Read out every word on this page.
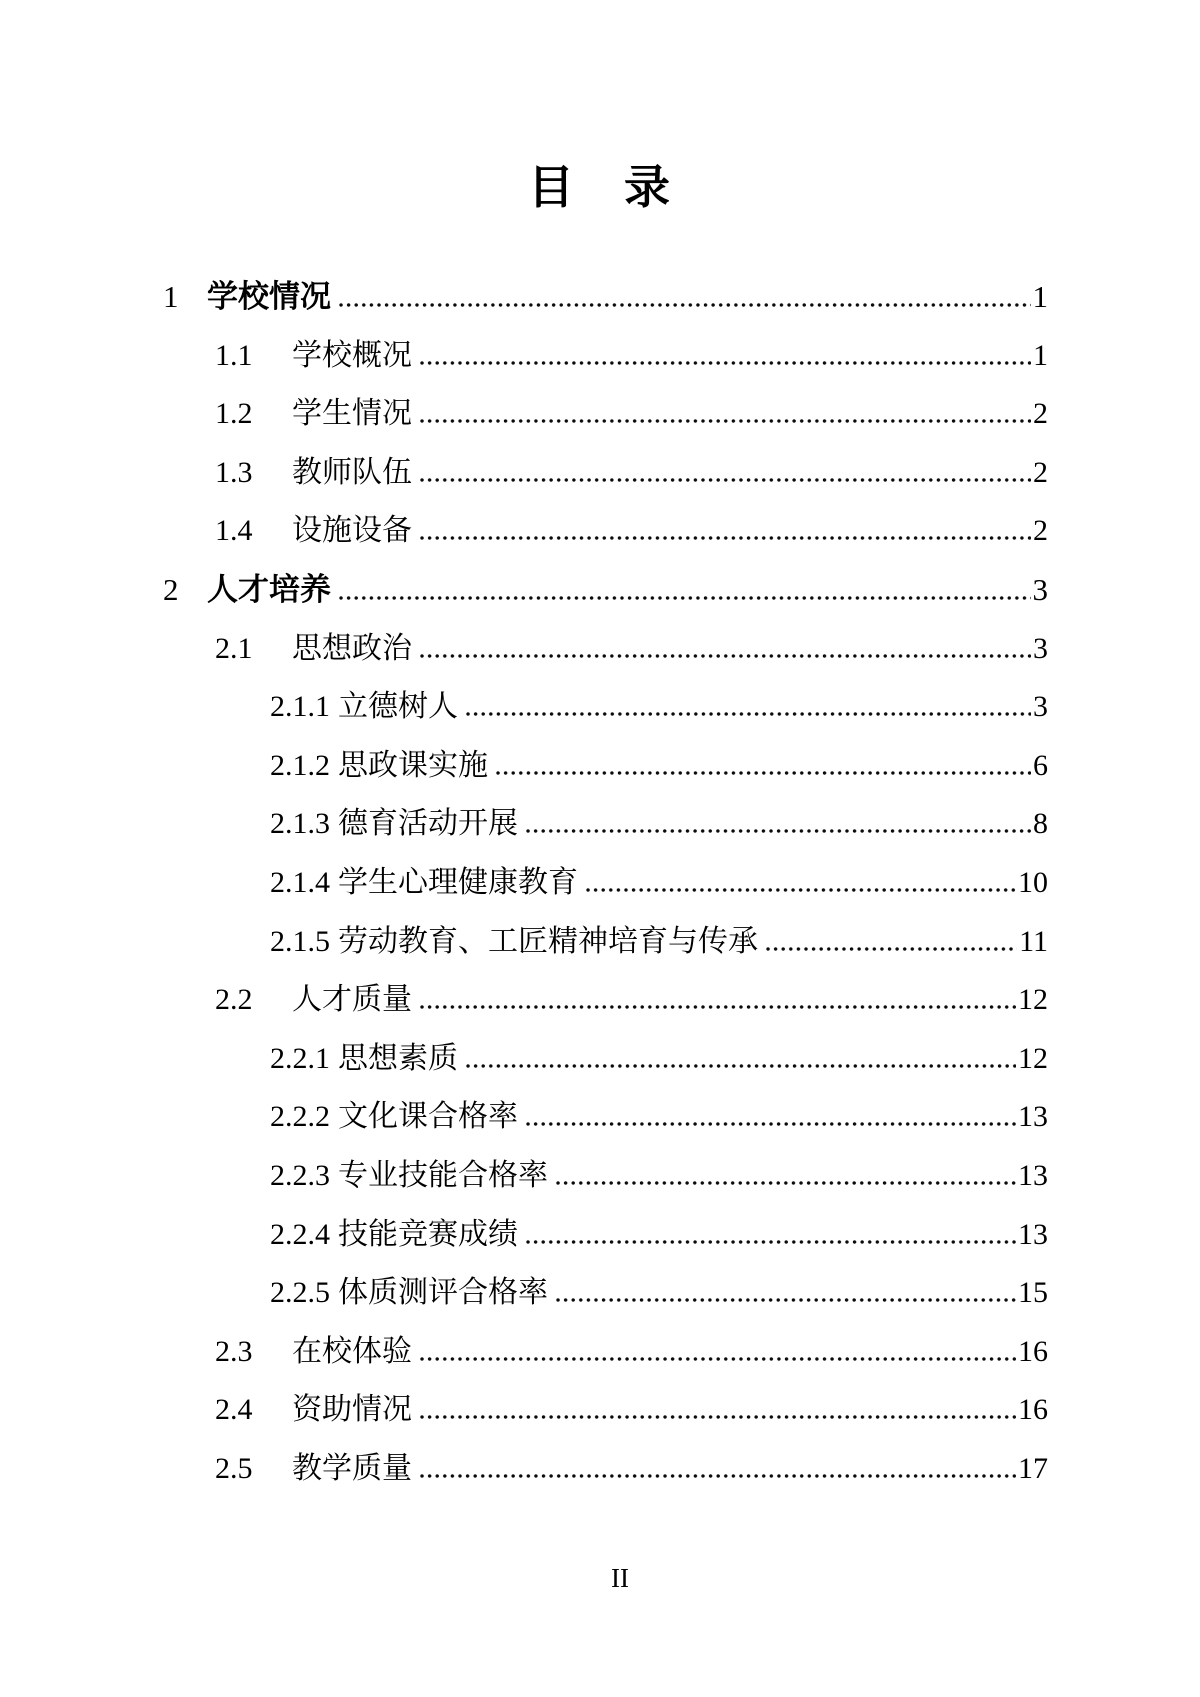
目　录
1 学校情况	1
1.1	学校概况	1
1.2	学生情况	2
1.3	教师队伍	2
1.4	设施设备	2
2 人才培养	3
2.1	思想政治	3
2.1.1 立德树人	3
2.1.2 思政课实施	6
2.1.3 德育活动开展	8
2.1.4 学生心理健康教育	10
2.1.5 劳动教育、工匠精神培育与传承	11
2.2	人才质量	12
2.2.1 思想素质	12
2.2.2 文化课合格率	13
2.2.3 专业技能合格率	13
2.2.4 技能竞赛成绩	13
2.2.5 体质测评合格率	15
2.3	在校体验	16
2.4	资助情况	16
2.5	教学质量	17
II
